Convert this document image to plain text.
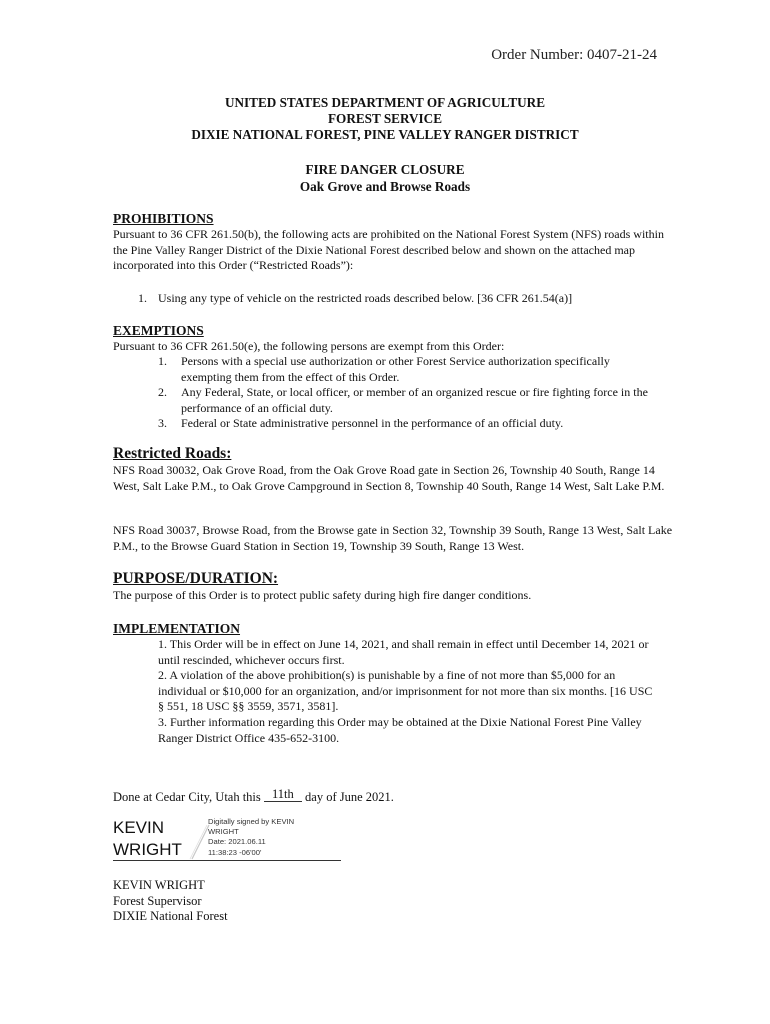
Order Number: 0407-21-24
UNITED STATES DEPARTMENT OF AGRICULTURE
FOREST SERVICE
DIXIE NATIONAL FOREST, PINE VALLEY RANGER DISTRICT
FIRE DANGER CLOSURE
Oak Grove and Browse Roads
PROHIBITIONS
Pursuant to 36 CFR 261.50(b), the following acts are prohibited on the National Forest System (NFS) roads within the Pine Valley Ranger District of the Dixie National Forest described below and shown on the attached map incorporated into this Order (“Restricted Roads”):
1. Using any type of vehicle on the restricted roads described below. [36 CFR 261.54(a)]
EXEMPTIONS
Pursuant to 36 CFR 261.50(e), the following persons are exempt from this Order:
1.	Persons with a special use authorization or other Forest Service authorization specifically exempting them from the effect of this Order.
2.	Any Federal, State, or local officer, or member of an organized rescue or fire fighting force in the performance of an official duty.
3.	Federal or State administrative personnel in the performance of an official duty.
Restricted Roads:
NFS Road 30032, Oak Grove Road, from the Oak Grove Road gate in Section 26, Township 40 South, Range 14 West, Salt Lake P.M., to Oak Grove Campground in Section 8, Township 40 South, Range 14 West, Salt Lake P.M.
NFS Road 30037, Browse Road, from the Browse gate in Section 32, Township 39 South, Range 13 West, Salt Lake P.M., to the Browse Guard Station in Section 19, Township 39 South, Range 13 West.
PURPOSE/DURATION:
The purpose of this Order is to protect public safety during high fire danger conditions.
IMPLEMENTATION
1. This Order will be in effect on June 14, 2021, and shall remain in effect until December 14, 2021 or until rescinded, whichever occurs first.
2. A violation of the above prohibition(s) is punishable by a fine of not more than $5,000 for an individual or $10,000 for an organization, and/or imprisonment for not more than six months. [16 USC § 551, 18 USC §§ 3559, 3571, 3581].
3. Further information regarding this Order may be obtained at the Dixie National Forest Pine Valley Ranger District Office 435-652-3100.
Done at Cedar City, Utah this 11th day of June 2021.
KEVIN
WRIGHT
Digitally signed by KEVIN
WRIGHT
Date: 2021.06.11
11:38:23 -06'00'
KEVIN WRIGHT
Forest Supervisor
DIXIE National Forest
